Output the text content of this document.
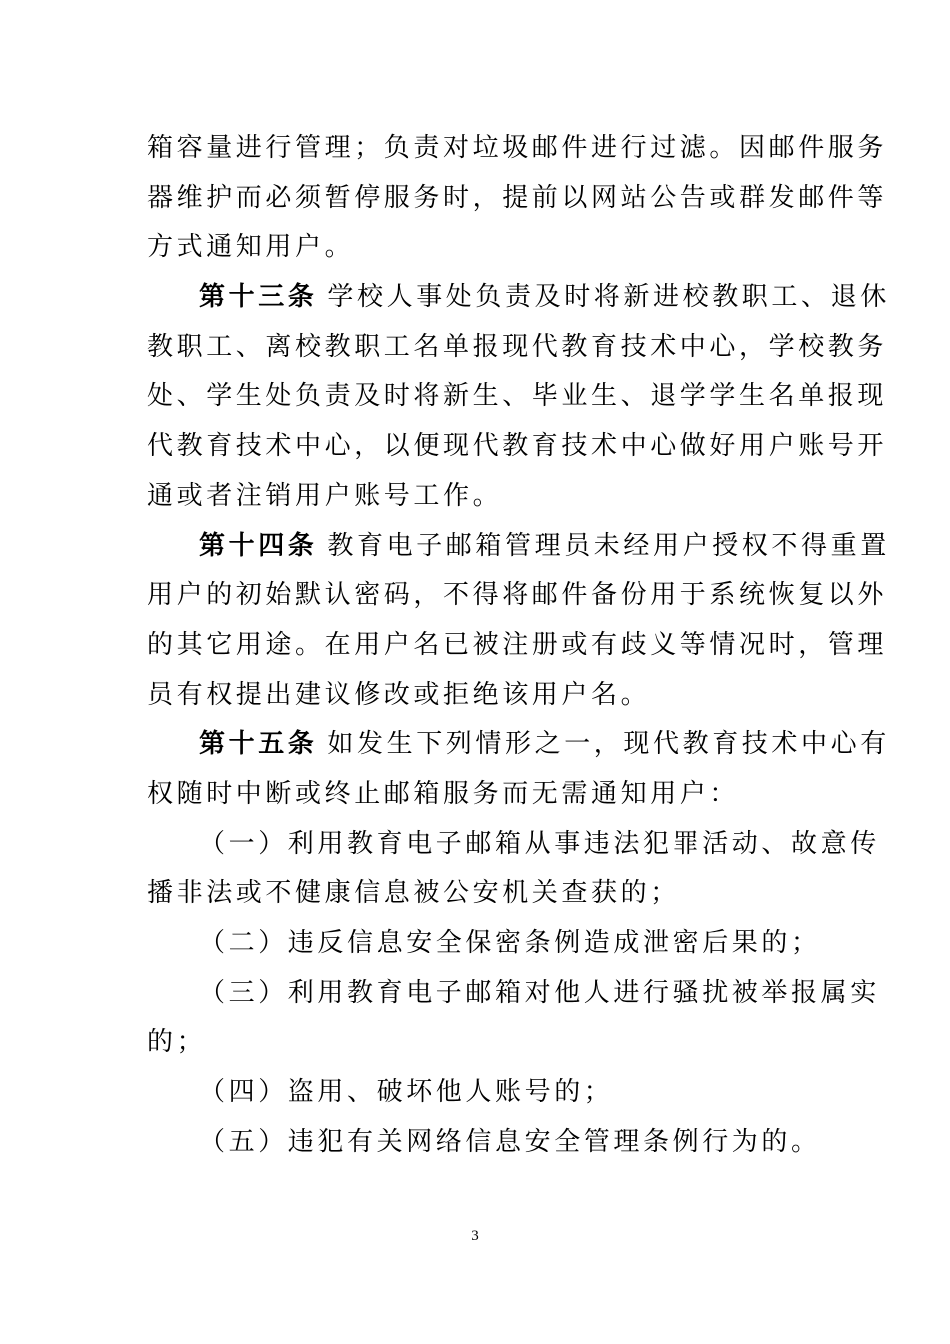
箱容量进行管理；负责对垃圾邮件进行过滤。因邮件服务
器维护而必须暂停服务时，提前以网站公告或群发邮件等
方式通知用户。
第十三条 学校人事处负责及时将新进校教职工、退休
教职工、离校教职工名单报现代教育技术中心，学校教务
处、学生处负责及时将新生、毕业生、退学学生名单报现
代教育技术中心，以便现代教育技术中心做好用户账号开
通或者注销用户账号工作。
第十四条 教育电子邮箱管理员未经用户授权不得重置
用户的初始默认密码，不得将邮件备份用于系统恢复以外
的其它用途。在用户名已被注册或有歧义等情况时，管理
员有权提出建议修改或拒绝该用户名。
第十五条 如发生下列情形之一，现代教育技术中心有
权随时中断或终止邮箱服务而无需通知用户：
（一）利用教育电子邮箱从事违法犯罪活动、故意传
播非法或不健康信息被公安机关查获的；
（二）违反信息安全保密条例造成泄密后果的；
（三）利用教育电子邮箱对他人进行骚扰被举报属实
的；
（四）盗用、破坏他人账号的；
（五）违犯有关网络信息安全管理条例行为的。
3
